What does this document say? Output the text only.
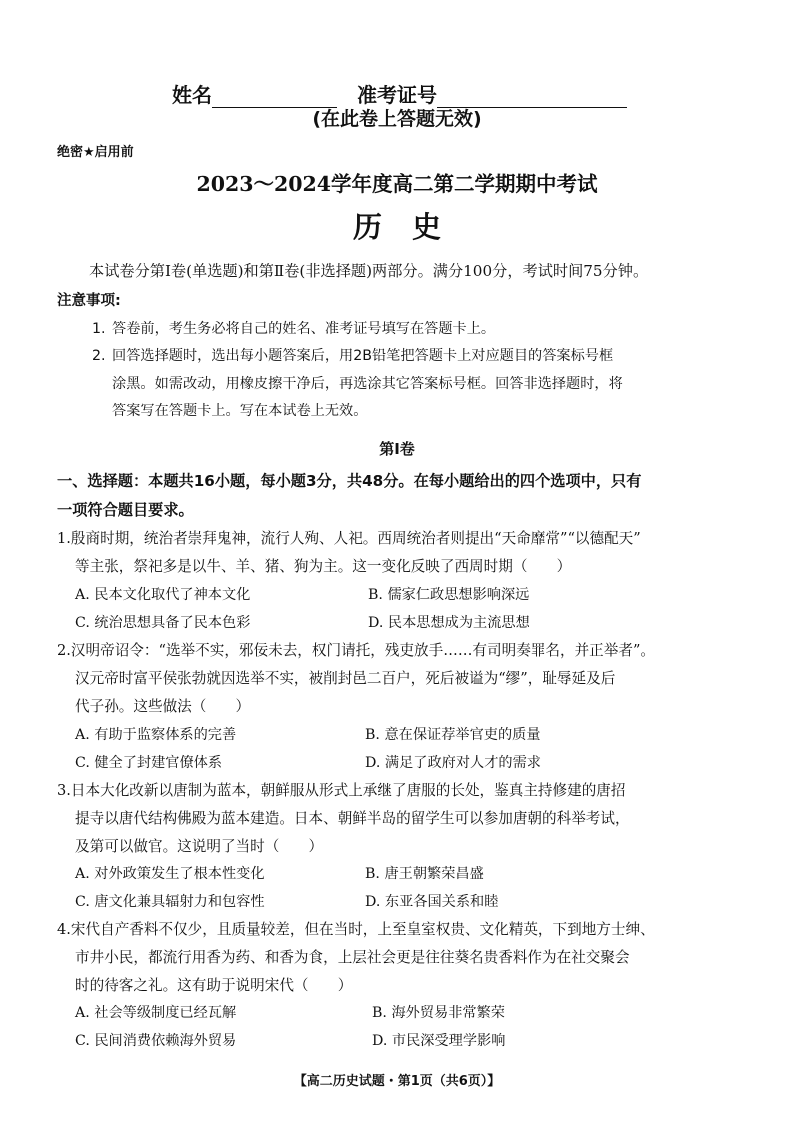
姓名	准考证号
(在此卷上答题无效)
绝密★启用前
2023～2024学年度高二第二学期期中考试
历史
本试卷分第Ⅰ卷(单选题)和第Ⅱ卷(非选择题)两部分。满分100分，考试时间75分钟。
注意事项:
1. 答卷前，考生务必将自己的姓名、准考证号填写在答题卡上。
2. 回答选择题时，选出每小题答案后，用2B铅笔把答题卡上对应题目的答案标号框
涂黑。如需改动，用橡皮擦干净后，再选涂其它答案标号框。回答非选择题时，将
答案写在答题卡上。写在本试卷上无效。
第Ⅰ卷
一、选择题：本题共16小题，每小题3分，共48分。在每小题给出的四个选项中，只有
一项符合题目要求。
1.殷商时期，统治者崇拜鬼神，流行人殉、人祀。西周统治者则提出“天命靡常”“以德配天”
等主张，祭祀多是以牛、羊、猪、狗为主。这一变化反映了西周时期（　　）
A. 民本文化取代了神本文化	B. 儒家仁政思想影响深远
C. 统治思想具备了民本色彩	D. 民本思想成为主流思想
2.汉明帝诏令：“选举不实，邪佞未去，权门请托，残吏放手……有司明奏罪名，并正举者”。
汉元帝时富平侯张勃就因选举不实，被削封邑二百户，死后被谥为“缪”，耻辱延及后
代子孙。这些做法（　　）
A. 有助于监察体系的完善	B. 意在保证荐举官吏的质量
C. 健全了封建官僚体系	D. 满足了政府对人才的需求
3.日本大化改新以唐制为蓝本，朝鲜服从形式上承继了唐服的长处，鉴真主持修建的唐招
提寺以唐代结构佛殿为蓝本建造。日本、朝鲜半岛的留学生可以参加唐朝的科举考试，
及第可以做官。这说明了当时（　　）
A. 对外政策发生了根本性变化	B. 唐王朝繁荣昌盛
C. 唐文化兼具辐射力和包容性	D. 东亚各国关系和睦
4.宋代自产香料不仅少，且质量较差，但在当时，上至皇室权贵、文化精英，下到地方士绅、
市井小民，都流行用香为药、和香为食，上层社会更是往往葵名贵香料作为在社交聚会
时的待客之礼。这有助于说明宋代（　　）
A. 社会等级制度已经瓦解	B. 海外贸易非常繁荣
C. 民间消费依赖海外贸易	D. 市民深受理学影响
【高二历史试题・第1页（共6页）】
